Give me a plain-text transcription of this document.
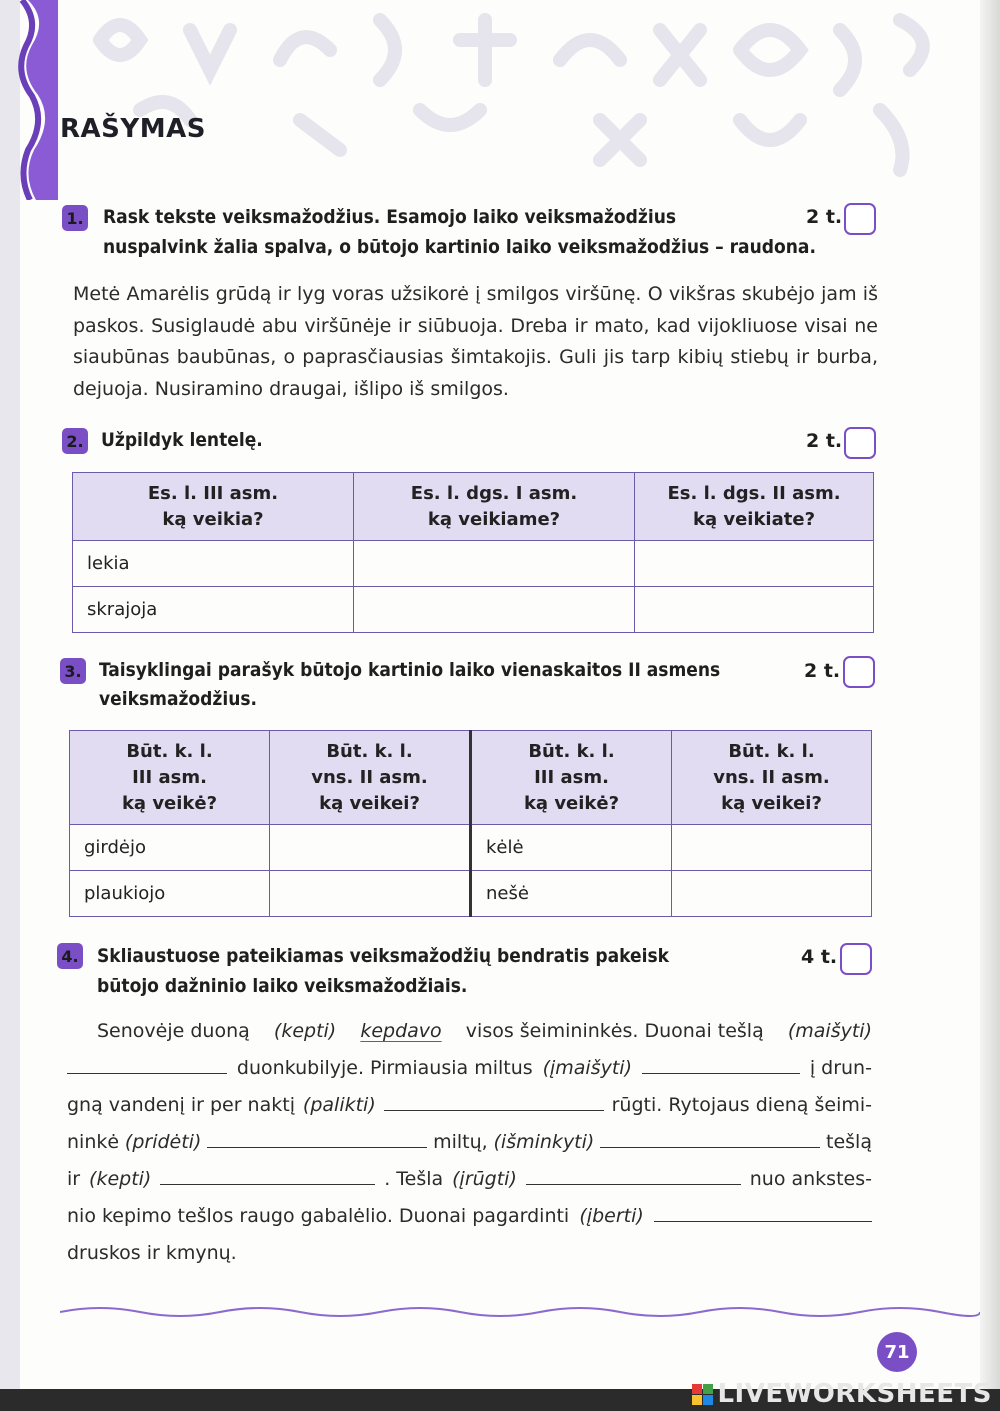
RAŠYMAS
1. Rask tekste veiksmažodžius. Esamojo laiko veiksmažodžius
nuspalvink žalia spalva, o būtojo kartinio laiko veiksmažodžius – raudona.
2 t.
Metė Amarėlis grūdą ir lyg voras užsikorė į smilgos viršūnę. O vikšras skubėjo jam iš paskos. Susiglaudė abu viršūnėje ir siūbuoja. Dreba ir mato, kad vijokliuose visai ne siaubūnas baubūnas, o paprasčiausias šimtakojis. Guli jis tarp kibių stiebų ir burba, dejuoja. Nusiramino draugai, išlipo iš smilgos.
2. Užpildyk lentelę.	2 t.
Es. l. III asm.
ką veikia?	Es. l. dgs. I asm.
ką veikiame?	Es. l. dgs. II asm.
ką veikiate?
lekia		
skrajoja		
3. Taisyklingai parašyk būtojo kartinio laiko vienaskaitos II asmens
veiksmažodžius.
2 t.
Būt. k. l.
III asm.
ką veikė?	Būt. k. l.
vns. II asm.
ką veikei?	Būt. k. l.
III asm.
ką veikė?	Būt. k. l.
vns. II asm.
ką veikei?
girdėjo		kėlė	
plaukiojo		nešė	
4. Skliaustuose pateikiamas veiksmažodžių bendratis pakeisk
būtojo dažninio laiko veiksmažodžiais.
4 t.
Senovėje duoną (kepti) kepdavo visos šeimininkės. Duonai tešlą (maišyti)
duonkubilyje. Pirmiausia miltus (įmaišyti)	į drun-
gną vandenį ir per naktį (palikti)	rūgti. Rytojaus dieną šeimi-
ninkė (pridėti)	miltų, (išminkyti)	tešlą
ir (kepti)	. Tešla (įrūgti)	nuo ankstes-
nio kepimo tešlos raugo gabalėlio. Duonai pagardinti (įberti)
druskos ir kmynų.
71
LIVEWORKSHEETS
